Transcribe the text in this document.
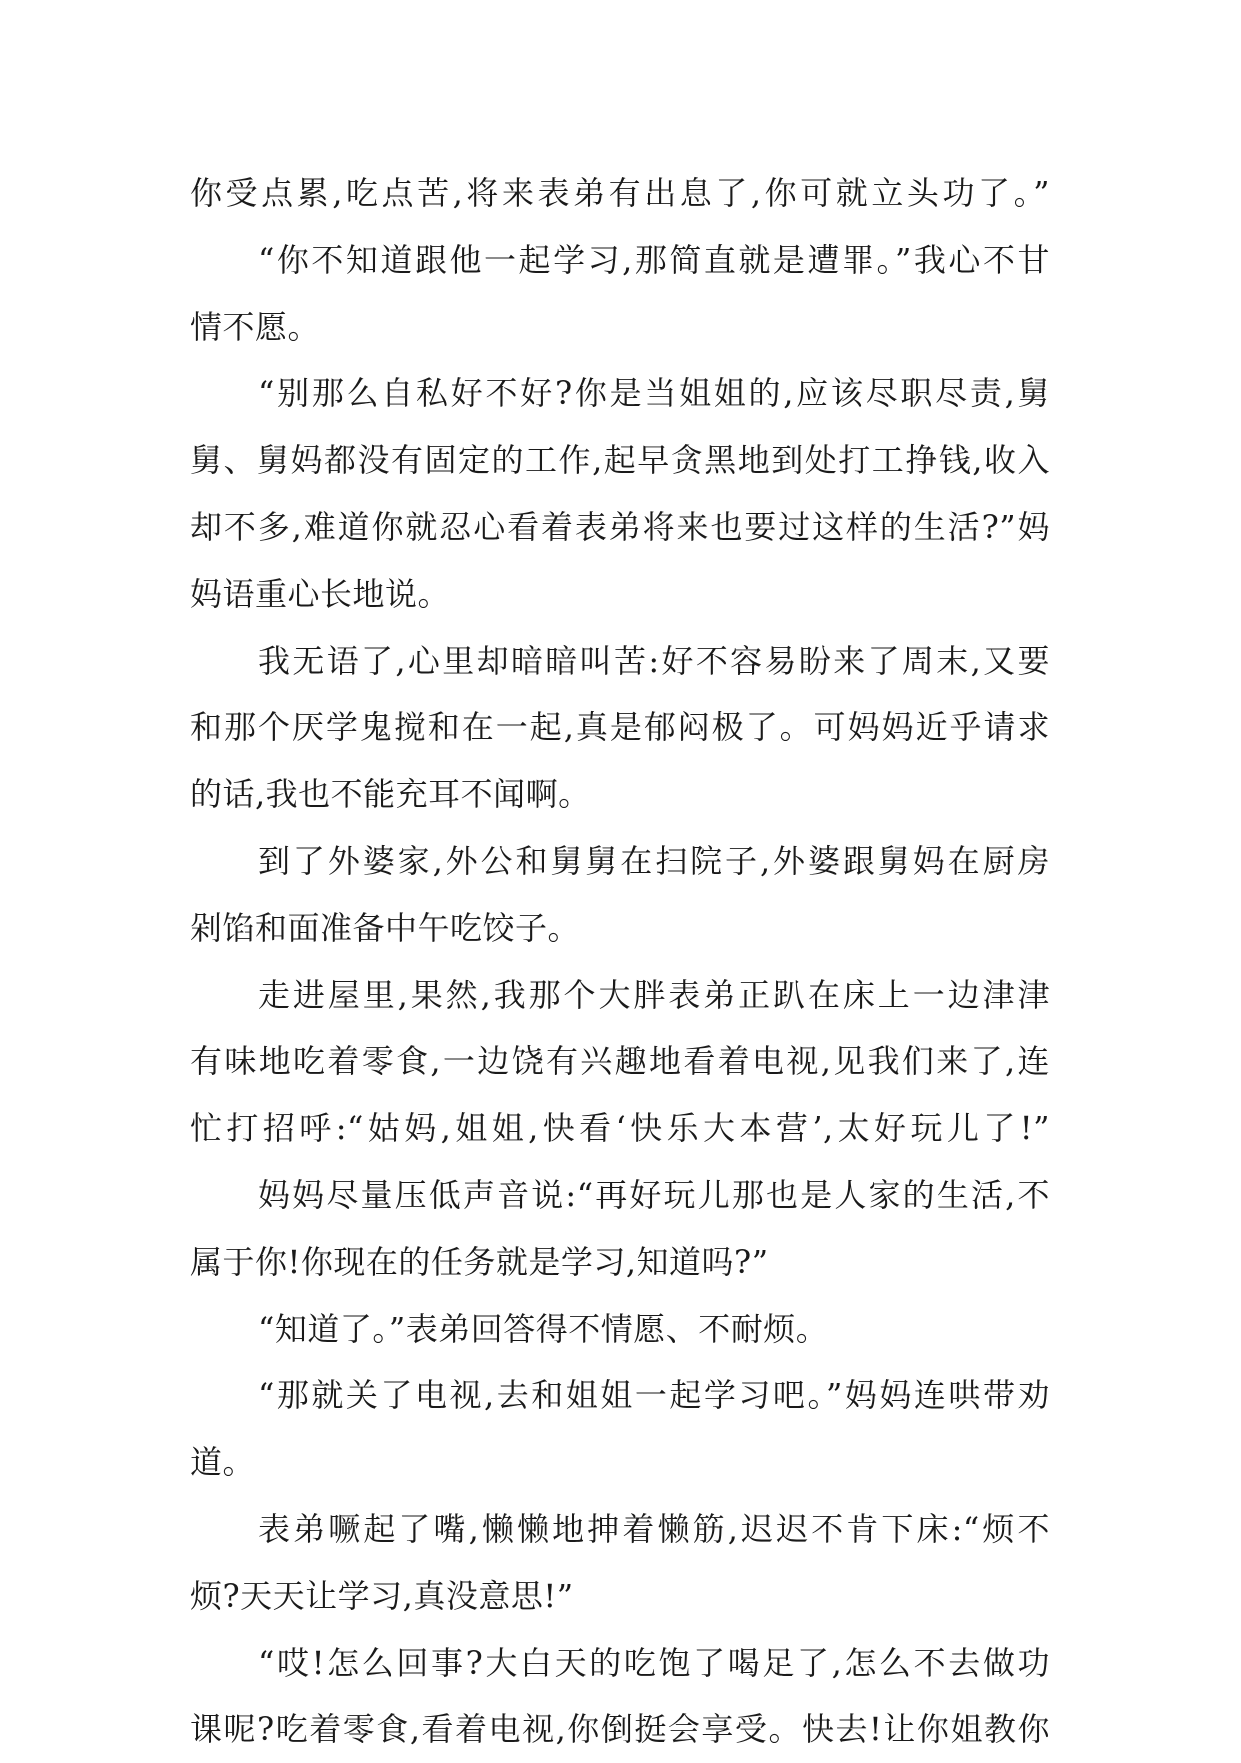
你受点累,吃点苦,将来表弟有出息了,你可就立头功了。”
“你不知道跟他一起学习,那简直就是遭罪。”我心不甘
情不愿。
“别那么自私好不好?你是当姐姐的,应该尽职尽责,舅
舅、舅妈都没有固定的工作,起早贪黑地到处打工挣钱,收入
却不多,难道你就忍心看着表弟将来也要过这样的生活?”妈
妈语重心长地说。
我无语了,心里却暗暗叫苦:好不容易盼来了周末,又要
和那个厌学鬼搅和在一起,真是郁闷极了。可妈妈近乎请求
的话,我也不能充耳不闻啊。
到了外婆家,外公和舅舅在扫院子,外婆跟舅妈在厨房
剁馅和面准备中午吃饺子。
走进屋里,果然,我那个大胖表弟正趴在床上一边津津
有味地吃着零食,一边饶有兴趣地看着电视,见我们来了,连
忙打招呼:“姑妈,姐姐,快看‘快乐大本营’,太好玩儿了!”
妈妈尽量压低声音说:“再好玩儿那也是人家的生活,不
属于你!你现在的任务就是学习,知道吗?”
“知道了。”表弟回答得不情愿、不耐烦。
“那就关了电视,去和姐姐一起学习吧。”妈妈连哄带劝
道。
表弟噘起了嘴,懒懒地抻着懒筋,迟迟不肯下床:“烦不
烦?天天让学习,真没意思!”
“哎!怎么回事?大白天的吃饱了喝足了,怎么不去做功
课呢?吃着零食,看着电视,你倒挺会享受。快去!让你姐教你
